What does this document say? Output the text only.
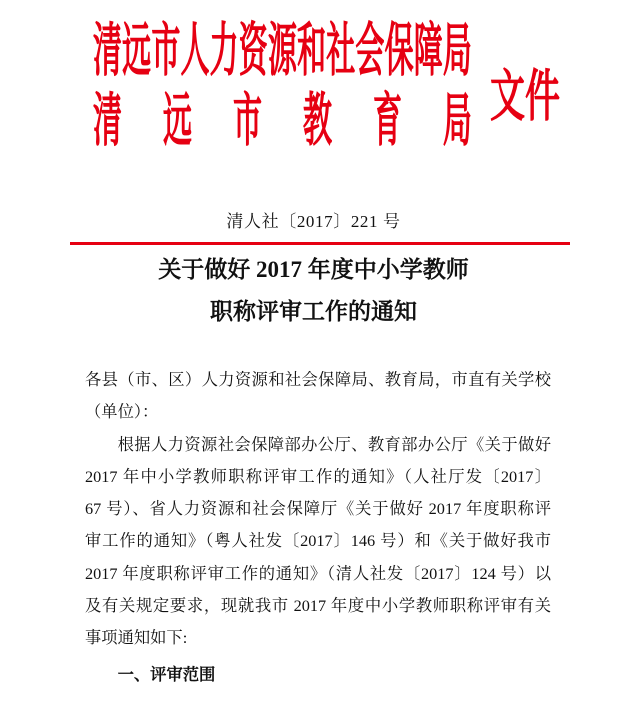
清 远 市 人 力 资 源 和 社 会 保 障 局
清 远 市 教 育 局 文件
清人社〔2017〕221 号
关于做好 2017 年度中小学教师
职称评审工作的通知
各县（市、区）人力资源和社会保障局、教育局，市直有关学校
（单位）：
根据人力资源社会保障部办公厅、教育部办公厅《关于做好
2017 年中小学教师职称评审工作的通知》（人社厅发〔2017〕
67 号）、省人力资源和社会保障厅《关于做好 2017 年度职称评
审工作的通知》（粤人社发〔2017〕146 号）和《关于做好我市
2017 年度职称评审工作的通知》（清人社发〔2017〕124 号）以
及有关规定要求，现就我市 2017 年度中小学教师职称评审有关
事项通知如下:
一、评审范围
